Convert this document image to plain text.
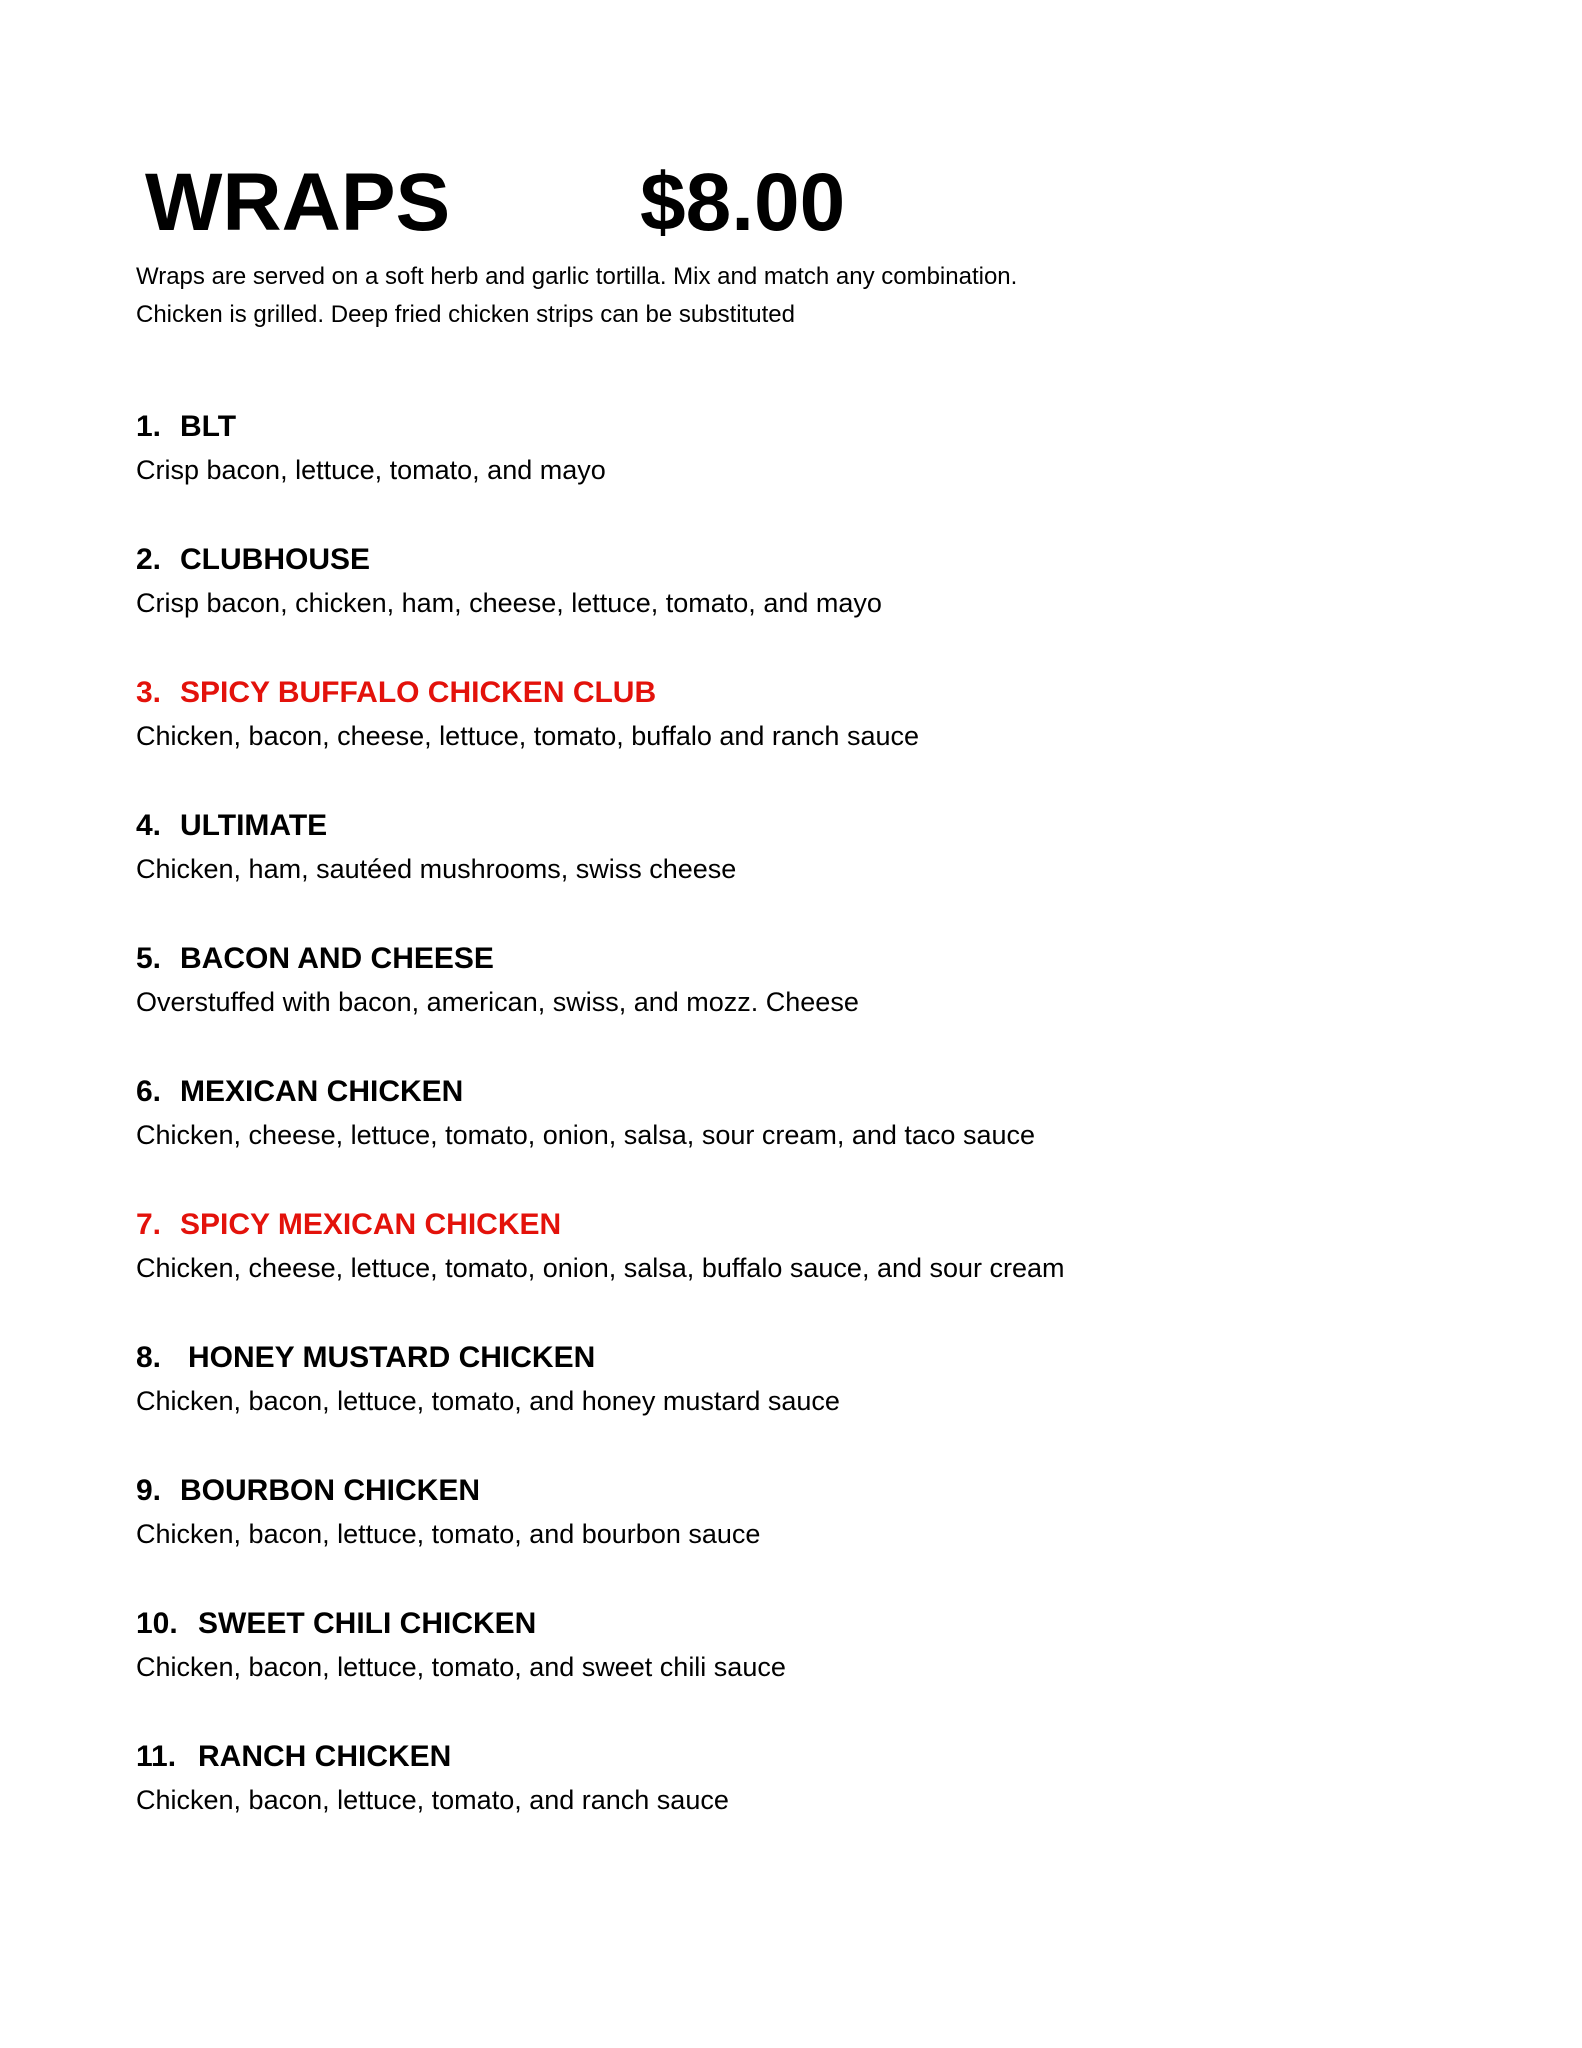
WRAPS $8.00
Wraps are served on a soft herb and garlic tortilla. Mix and match any combination.
Chicken is grilled. Deep fried chicken strips can be substituted
1. BLT
Crisp bacon, lettuce, tomato, and mayo
2. CLUBHOUSE
Crisp bacon, chicken, ham, cheese, lettuce, tomato, and mayo
3. SPICY BUFFALO CHICKEN CLUB
Chicken, bacon, cheese, lettuce, tomato, buffalo and ranch sauce
4. ULTIMATE
Chicken, ham, sautéed mushrooms, swiss cheese
5. BACON AND CHEESE
Overstuffed with bacon, american, swiss, and mozz. Cheese
6. MEXICAN CHICKEN
Chicken, cheese, lettuce, tomato, onion, salsa, sour cream, and taco sauce
7. SPICY MEXICAN CHICKEN
Chicken, cheese, lettuce, tomato, onion, salsa, buffalo sauce, and sour cream
8. HONEY MUSTARD CHICKEN
Chicken, bacon, lettuce, tomato, and honey mustard sauce
9. BOURBON CHICKEN
Chicken, bacon, lettuce, tomato, and bourbon sauce
10. SWEET CHILI CHICKEN
Chicken, bacon, lettuce, tomato, and sweet chili sauce
11. RANCH CHICKEN
Chicken, bacon, lettuce, tomato, and ranch sauce
